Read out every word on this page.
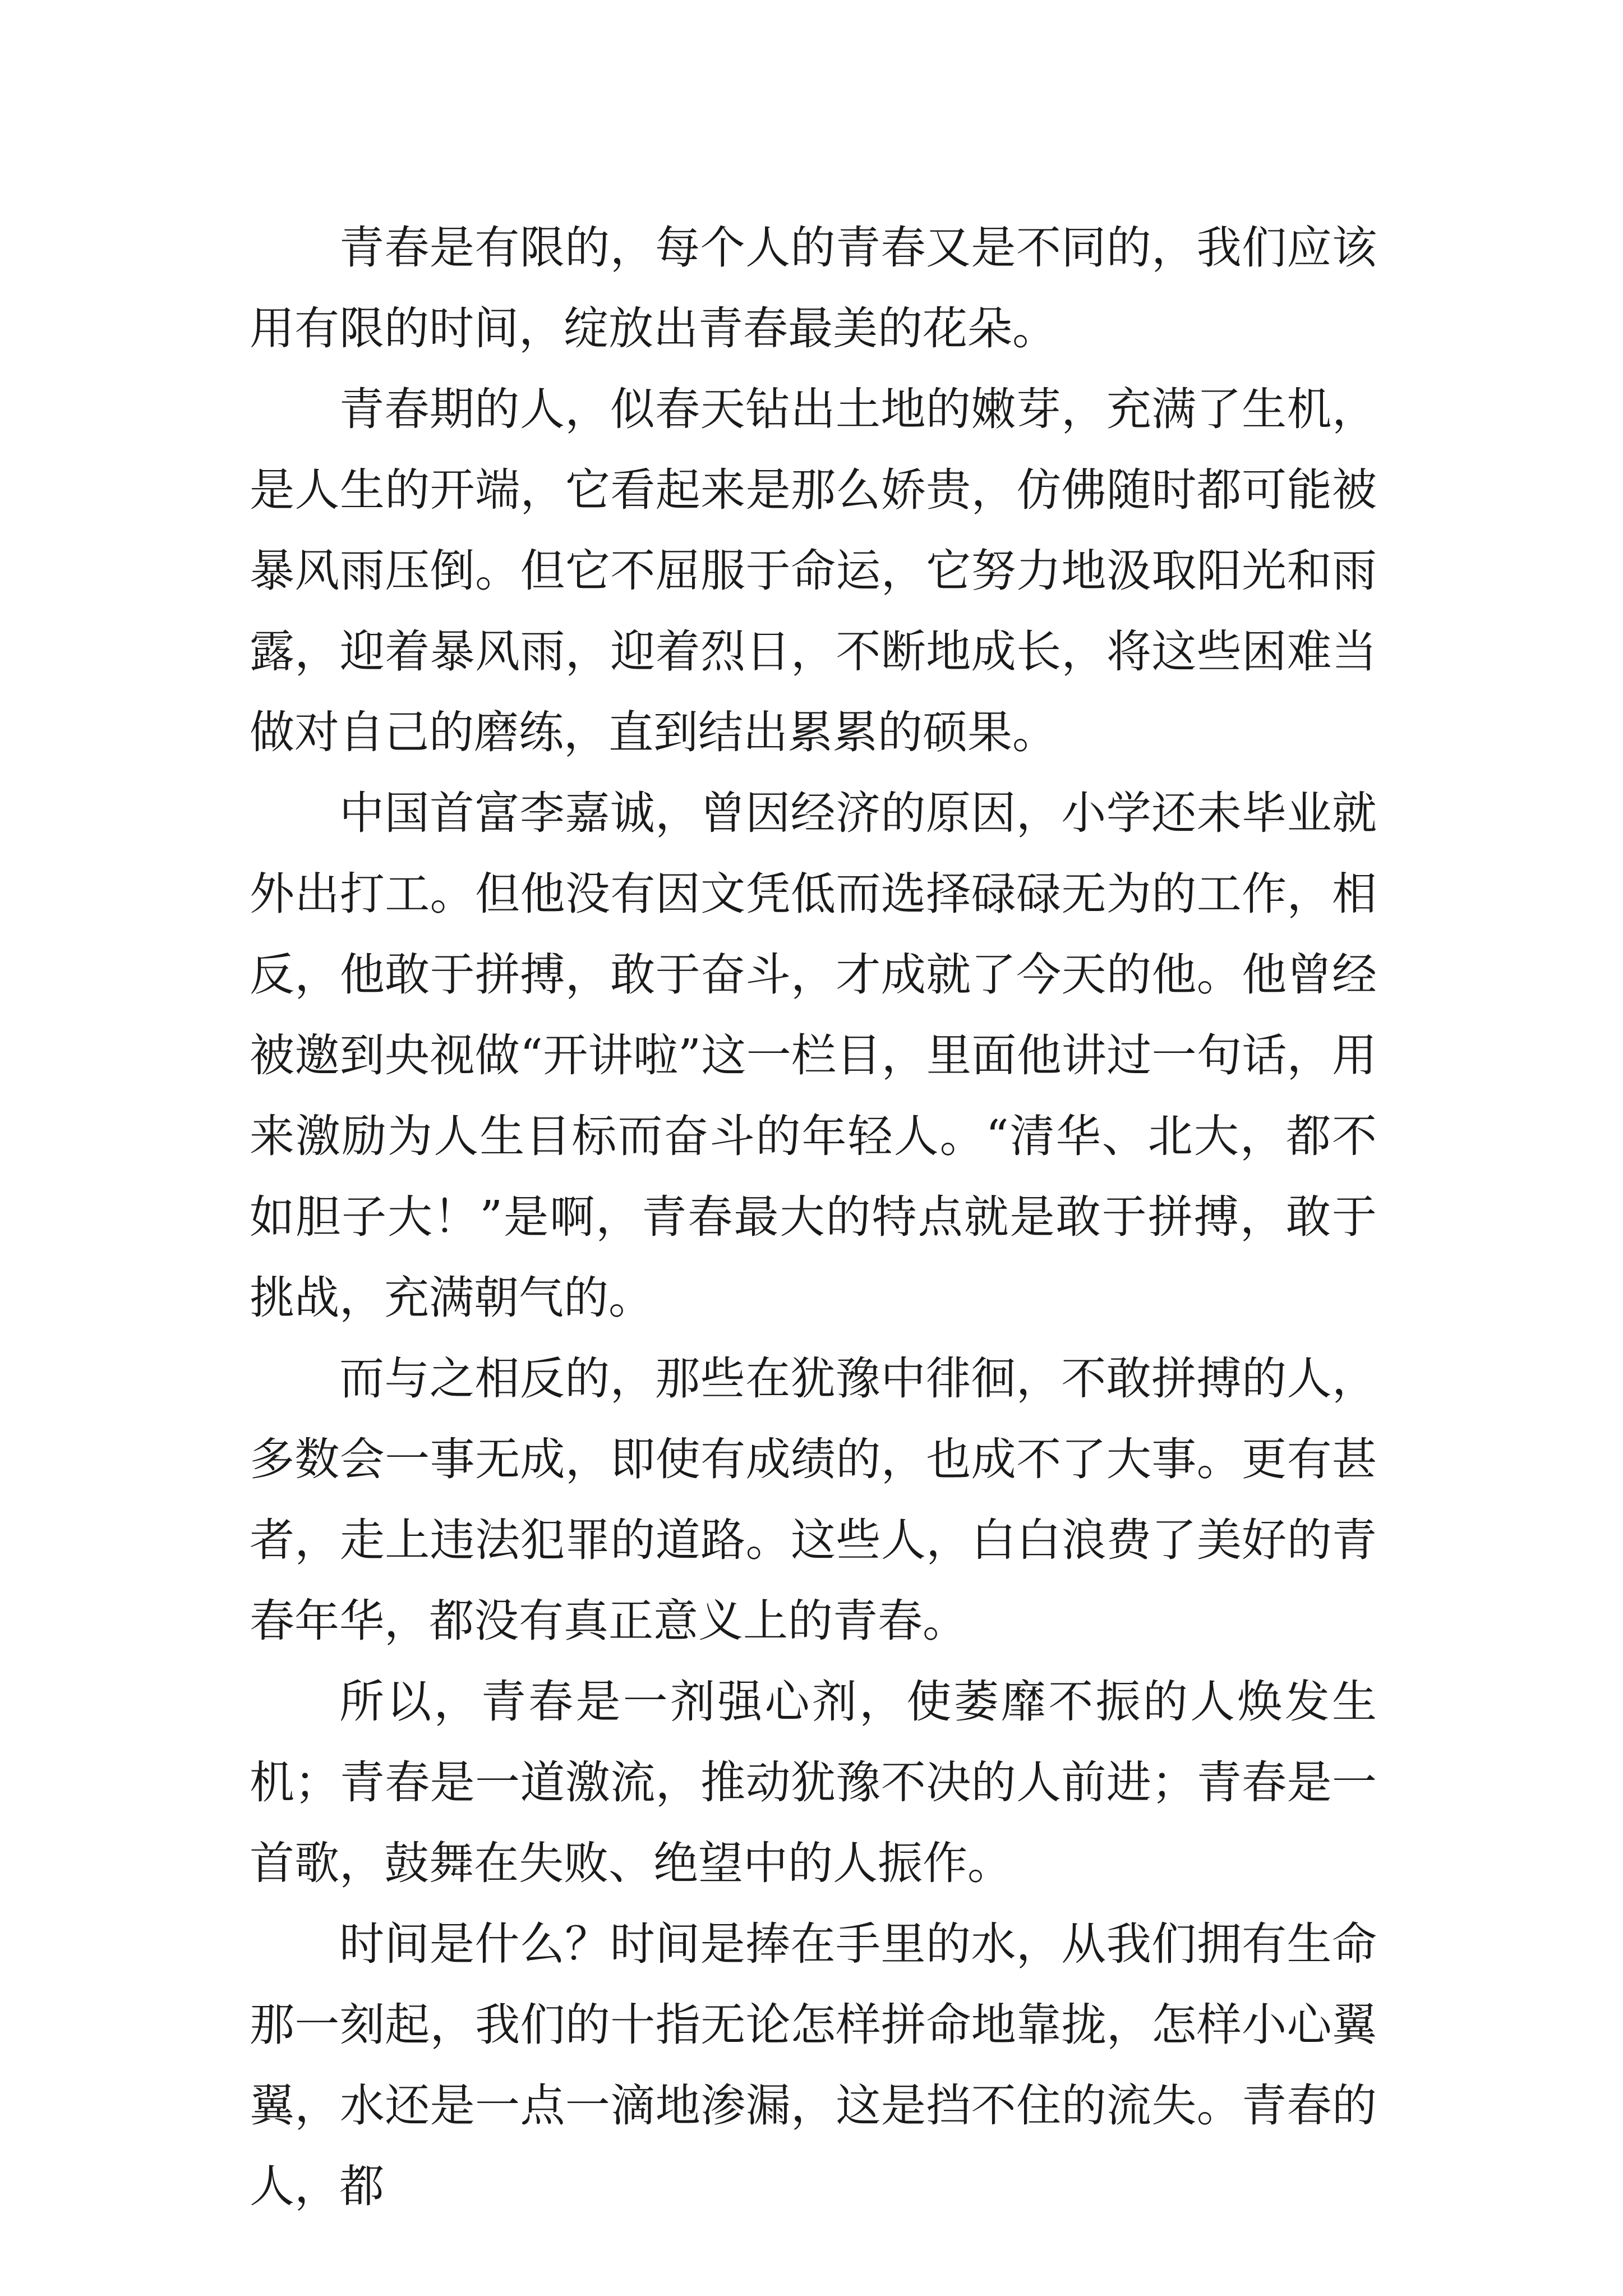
青春是有限的，每个人的青春又是不同的，我们应该用有限的时间，绽放出青春最美的花朵。

青春期的人，似春天钻出土地的嫩芽，充满了生机，是人生的开端，它看起来是那么娇贵，仿佛随时都可能被暴风雨压倒。但它不屈服于命运，它努力地汲取阳光和雨露，迎着暴风雨，迎着烈日，不断地成长，将这些困难当做对自己的磨练，直到结出累累的硕果。

中国首富李嘉诚，曾因经济的原因，小学还未毕业就外出打工。但他没有因文凭低而选择碌碌无为的工作，相反，他敢于拼搏，敢于奋斗，才成就了今天的他。他曾经被邀到央视做“开讲啦”这一栏目，里面他讲过一句话，用来激励为人生目标而奋斗的年轻人。“清华、北大，都不如胆子大！”是啊，青春最大的特点就是敢于拼搏，敢于挑战，充满朝气的。

而与之相反的，那些在犹豫中徘徊，不敢拼搏的人，多数会一事无成，即使有成绩的，也成不了大事。更有甚者，走上违法犯罪的道路。这些人，白白浪费了美好的青春年华，都没有真正意义上的青春。

所以，青春是一剂强心剂，使萎靡不振的人焕发生机；青春是一道激流，推动犹豫不决的人前进；青春是一首歌，鼓舞在失败、绝望中的人振作。

时间是什么？时间是捧在手里的水，从我们拥有生命那一刻起，我们的十指无论怎样拼命地靠拢，怎样小心翼翼，水还是一点一滴地渗漏，这是挡不住的流失。青春的人，都
